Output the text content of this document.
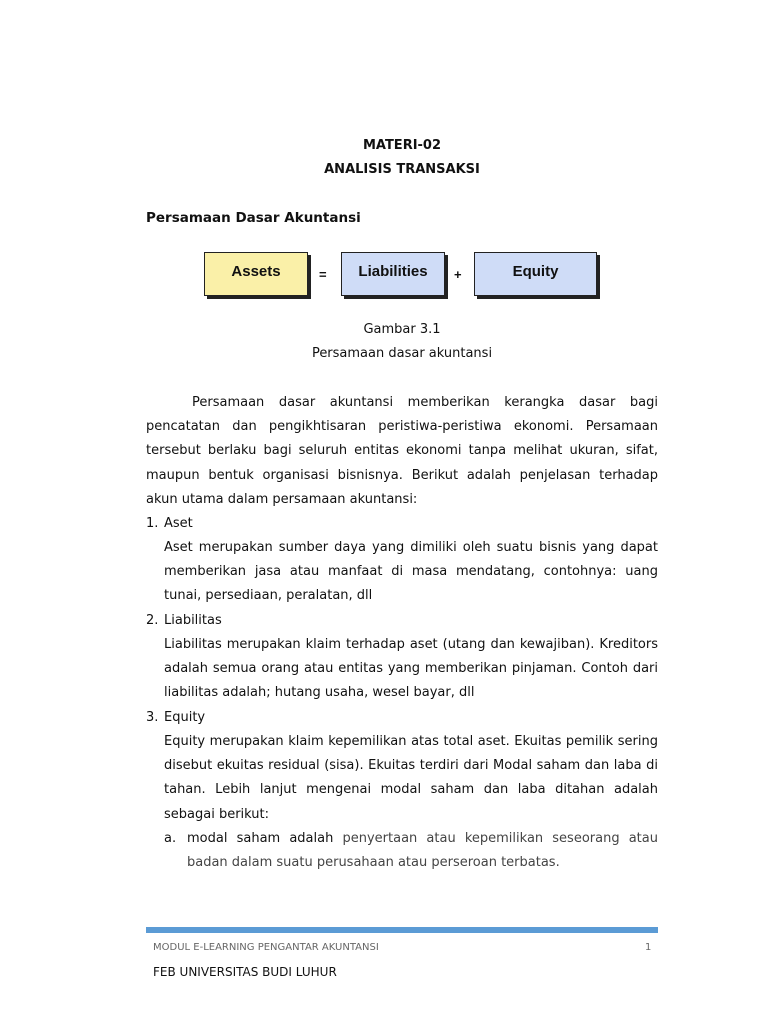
MATERI-02
ANALISIS TRANSAKSI
Persamaan Dasar Akuntansi
Assets	=	Liabilities	+	Equity
Gambar 3.1
Persamaan dasar akuntansi
Persamaan dasar akuntansi memberikan kerangka dasar bagi pencatatan dan pengikhtisaran peristiwa-peristiwa ekonomi. Persamaan tersebut berlaku bagi seluruh entitas ekonomi tanpa melihat ukuran, sifat, maupun bentuk organisasi bisnisnya. Berikut adalah penjelasan terhadap akun utama dalam persamaan akuntansi:
1. Aset
Aset merupakan sumber daya yang dimiliki oleh suatu bisnis yang dapat memberikan jasa atau manfaat di masa mendatang, contohnya: uang tunai, persediaan, peralatan, dll
2. Liabilitas
Liabilitas merupakan klaim terhadap aset (utang dan kewajiban). Kreditors adalah semua orang atau entitas yang memberikan pinjaman. Contoh dari liabilitas adalah; hutang usaha, wesel bayar, dll
3. Equity
Equity merupakan klaim kepemilikan atas total aset. Ekuitas pemilik sering disebut ekuitas residual (sisa). Ekuitas terdiri dari Modal saham dan laba di tahan. Lebih lanjut mengenai modal saham dan laba ditahan adalah sebagai berikut:
a. modal saham adalah penyertaan atau kepemilikan seseorang atau badan dalam suatu perusahaan atau perseroan terbatas.
MODUL E-LEARNING PENGANTAR AKUNTANSI	1
FEB UNIVERSITAS BUDI LUHUR
